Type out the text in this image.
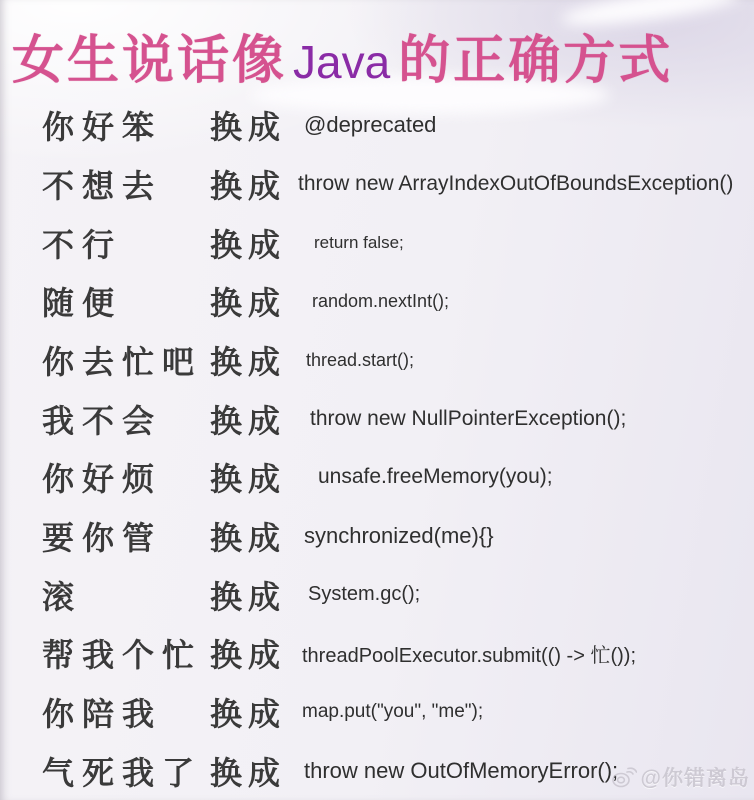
女生说话像 Java 的正确方式
你好笨	换成 @deprecated
不想去	换成 throw new ArrayIndexOutOfBoundsException()
不行	换成	return false;
随便	换成	random.nextInt();
你去忙吧 换成	thread.start();
我不会	换成	throw new NullPointerException();
你好烦	换成	unsafe.freeMemory(you);
要你管	换成 synchronized(me){}
滚	换成	System.gc();
帮我个忙 换成 threadPoolExecutor.submit(() -> 忙());
你陪我	换成 map.put("you", "me");
气死我了 换成 throw new OutOfMemoryError(); @你错离岛
